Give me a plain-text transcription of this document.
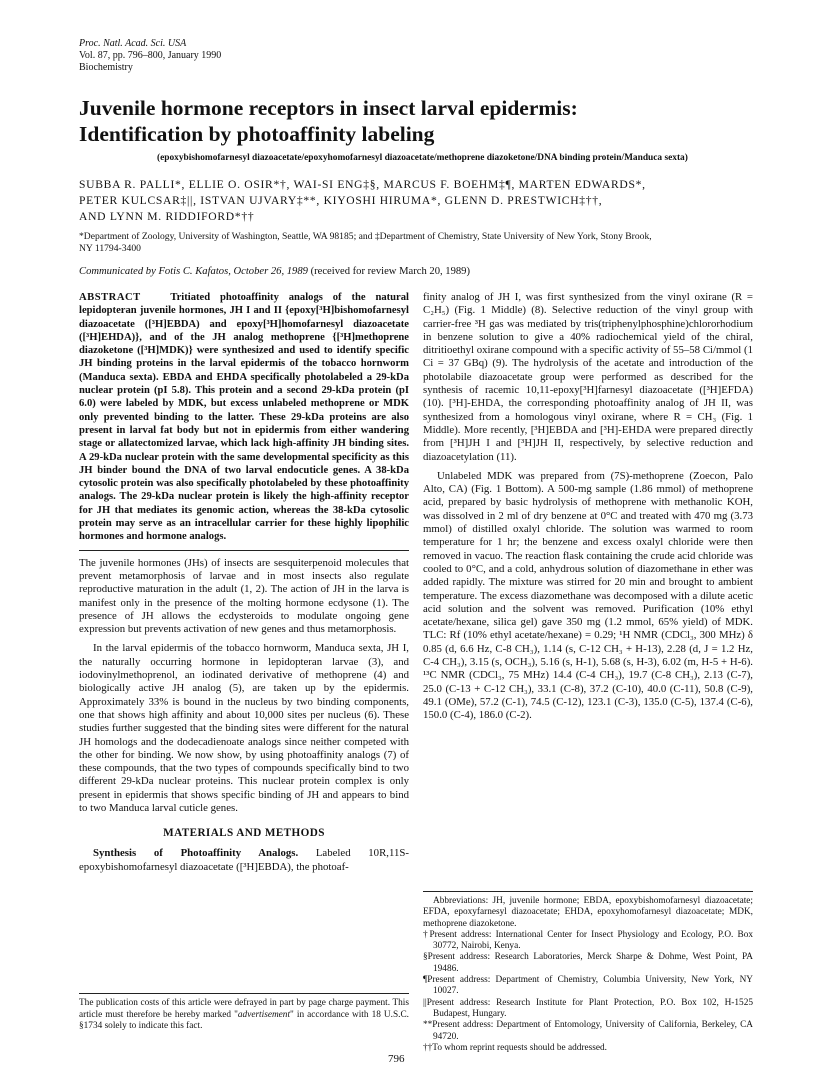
Proc. Natl. Acad. Sci. USA
Vol. 87, pp. 796–800, January 1990
Biochemistry
Juvenile hormone receptors in insect larval epidermis:
Identification by photoaffinity labeling
(epoxybishomofarnesyl diazoacetate/epoxyhomofarnesyl diazoacetate/methoprene diazoketone/DNA binding protein/Manduca sexta)
SUBBA R. PALLI*, ELLIE O. OSIR*†, WAI-SI ENG‡§, MARCUS F. BOEHM‡¶, MARTEN EDWARDS*,
PETER KULCSAR‡||, ISTVAN UJVARY‡**, KIYOSHI HIRUMA*, GLENN D. PRESTWICH‡††,
AND LYNN M. RIDDIFORD*††
*Department of Zoology, University of Washington, Seattle, WA 98185; and ‡Department of Chemistry, State University of New York, Stony Brook,
NY 11794-3400
Communicated by Fotis C. Kafatos, October 26, 1989 (received for review March 20, 1989)

ABSTRACT	Tritiated photoaffinity analogs of the natural lepidopteran juvenile hormones, JH I and II {epoxy[³H]bishomofarnesyl diazoacetate ([³H]EBDA) and epoxy[³H]homofarnesyl diazoacetate ([³H]EHDA)}, and of the JH analog methoprene {[³H]methoprene diazoketone ([³H]MDK)} were synthesized and used to identify specific JH binding proteins in the larval epidermis of the tobacco hornworm (Manduca sexta). EBDA and EHDA specifically photolabeled a 29-kDa nuclear protein (pI 5.8). This protein and a second 29-kDa protein (pI 6.0) were labeled by MDK, but excess unlabeled methoprene or MDK only prevented binding to the latter. These 29-kDa proteins are also present in larval fat body but not in epidermis from either wandering stage or allatectomized larvae, which lack high-affinity JH binding sites. A 29-kDa nuclear protein with the same developmental specificity as this JH binder bound the DNA of two larval endocuticle genes. A 38-kDa cytosolic protein was also specifically photolabeled by these photoaffinity analogs. The 29-kDa nuclear protein is likely the high-affinity receptor for JH that mediates its genomic action, whereas the 38-kDa cytosolic protein may serve as an intracellular carrier for these highly lipophilic hormones and hormone analogs.

The juvenile hormones (JHs) of insects are sesquiterpenoid molecules that prevent metamorphosis of larvae and in most insects also regulate reproductive maturation in the adult (1, 2). The action of JH in the larva is manifest only in the presence of the molting hormone ecdysone (1). The presence of JH allows the ecdysteroids to modulate ongoing gene expression but prevents activation of new genes and thus metamorphosis.

In the larval epidermis of the tobacco hornworm, Manduca sexta, JH I, the naturally occurring hormone in lepidopteran larvae (3), and iodovinylmethoprenol, an iodinated derivative of methoprene (4) and biologically active JH analog (5), are taken up by the epidermis. Approximately 33% is bound in the nucleus by two binding components, one that shows high affinity and about 10,000 sites per nucleus (6). These studies further suggested that the binding sites were different for the natural JH homologs and the dodecadienoate analogs since neither competed with the other for binding. We now show, by using photoaffinity analogs (7) of these compounds, that the two types of compounds specifically bind to two different 29-kDa nuclear proteins. This nuclear protein complex is only present in epidermis that shows specific binding of JH and appears to bind to two Manduca larval cuticle genes.

MATERIALS AND METHODS

Synthesis of Photoaffinity Analogs. Labeled 10R,11S-epoxybishomofarnesyl diazoacetate ([³H]EBDA), the photoaf-

finity analog of JH I, was first synthesized from the vinyl oxirane (R = C₂H₅) (Fig. 1 Middle) (8). Selective reduction of the vinyl group with carrier-free ³H gas was mediated by tris(triphenylphosphine)chlororhodium in benzene solution to give a 40% radiochemical yield of the chiral, ditritioethyl oxirane compound with a specific activity of 55–58 Ci/mmol (1 Ci = 37 GBq) (9). The hydrolysis of the acetate and introduction of the photolabile diazoacetate group were performed as described for the synthesis of racemic 10,11-epoxy[³H]farnesyl diazoacetate ([³H]EFDA) (10). [³H]-EHDA, the corresponding photoaffinity analog of JH II, was synthesized from a homologous vinyl oxirane, where R = CH₃ (Fig. 1 Middle). More recently, [³H]EBDA and [³H]-EHDA were prepared directly from [³H]JH I and [³H]JH II, respectively, by selective reduction and diazoacetylation (11).

Unlabeled MDK was prepared from (7S)-methoprene (Zoecon, Palo Alto, CA) (Fig. 1 Bottom). A 500-mg sample (1.86 mmol) of methoprene acid, prepared by basic hydrolysis of methoprene with methanolic KOH, was dissolved in 2 ml of dry benzene at 0°C and treated with 470 mg (3.73 mmol) of distilled oxalyl chloride. The solution was warmed to room temperature for 1 hr; the benzene and excess oxalyl chloride were then removed in vacuo. The reaction flask containing the crude acid chloride was cooled to 0°C, and a cold, anhydrous solution of diazomethane in ether was added rapidly. The mixture was stirred for 20 min and brought to ambient temperature. The excess diazomethane was decomposed with a dilute acetic acid solution and the solvent was removed. Purification (10% ethyl acetate/hexane, silica gel) gave 350 mg (1.2 mmol, 65% yield) of MDK. TLC: Rf (10% ethyl acetate/hexane) = 0.29; ¹H NMR (CDCl₃, 300 MHz) δ 0.85 (d, 6.6 Hz, C-8 CH₃), 1.14 (s, C-12 CH₃ + H-13), 2.28 (d, J = 1.2 Hz, C-4 CH₃), 3.15 (s, OCH₃), 5.16 (s, H-1), 5.68 (s, H-3), 6.02 (m, H-5 + H-6). ¹³C NMR (CDCl₃, 75 MHz) 14.4 (C-4 CH₃), 19.7 (C-8 CH₃), 2.13 (C-7), 25.0 (C-13 + C-12 CH₃), 33.1 (C-8), 37.2 (C-10), 40.0 (C-11), 50.8 (C-9), 49.1 (OMe), 57.2 (C-1), 74.5 (C-12), 123.1 (C-3), 135.0 (C-5), 137.4 (C-6), 150.0 (C-4), 186.0 (C-2).

The publication costs of this article were defrayed in part by page charge payment. This article must therefore be hereby marked "advertisement" in accordance with 18 U.S.C. §1734 solely to indicate this fact.

Abbreviations: JH, juvenile hormone; EBDA, epoxybishomofarnesyl diazoacetate; EFDA, epoxyfarnesyl diazoacetate; EHDA, epoxyhomofarnesyl diazoacetate; MDK, methoprene diazoketone.

†Present address: International Center for Insect Physiology and Ecology, P.O. Box 30772, Nairobi, Kenya.

§Present address: Research Laboratories, Merck Sharpe & Dohme, West Point, PA 19486.

¶Present address: Department of Chemistry, Columbia University, New York, NY 10027.

||Present address: Research Institute for Plant Protection, P.O. Box 102, H-1525 Budapest, Hungary.

**Present address: Department of Entomology, University of California, Berkeley, CA 94720.

††To whom reprint requests should be addressed.

796
